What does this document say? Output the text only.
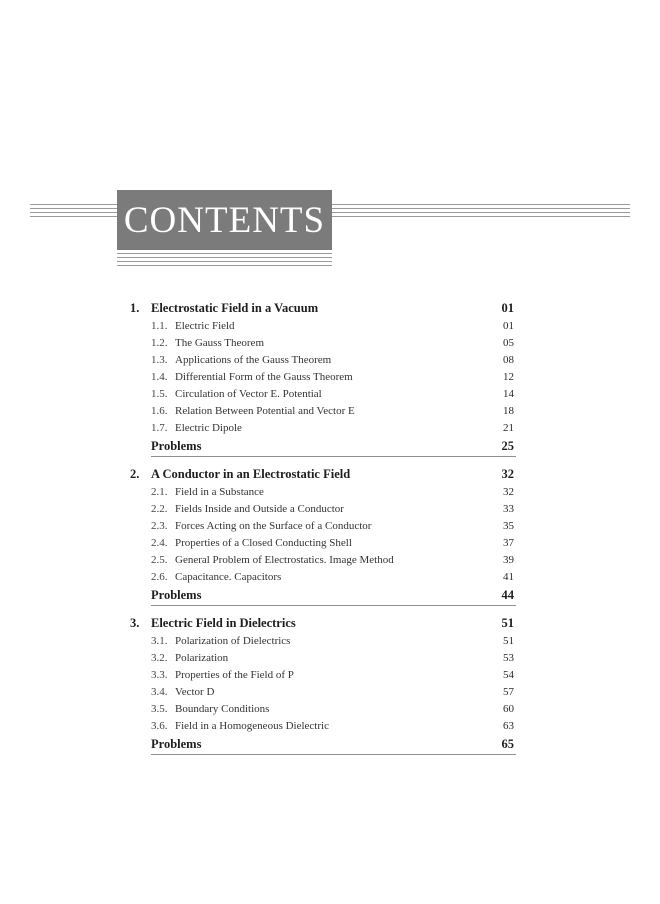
CONTENTS
1. Electrostatic Field in a Vacuum	01
1.1. Electric Field	01
1.2. The Gauss Theorem	05
1.3. Applications of the Gauss Theorem	08
1.4. Differential Form of the Gauss Theorem	12
1.5. Circulation of Vector E. Potential	14
1.6. Relation Between Potential and Vector E	18
1.7. Electric Dipole	21
Problems	25
2. A Conductor in an Electrostatic Field	32
2.1. Field in a Substance	32
2.2. Fields Inside and Outside a Conductor	33
2.3. Forces Acting on the Surface of a Conductor	35
2.4. Properties of a Closed Conducting Shell	37
2.5. General Problem of Electrostatics. Image Method	39
2.6. Capacitance. Capacitors	41
Problems	44
3. Electric Field in Dielectrics	51
3.1. Polarization of Dielectrics	51
3.2. Polarization	53
3.3. Properties of the Field of P	54
3.4. Vector D	57
3.5. Boundary Conditions	60
3.6. Field in a Homogeneous Dielectric	63
Problems	65
